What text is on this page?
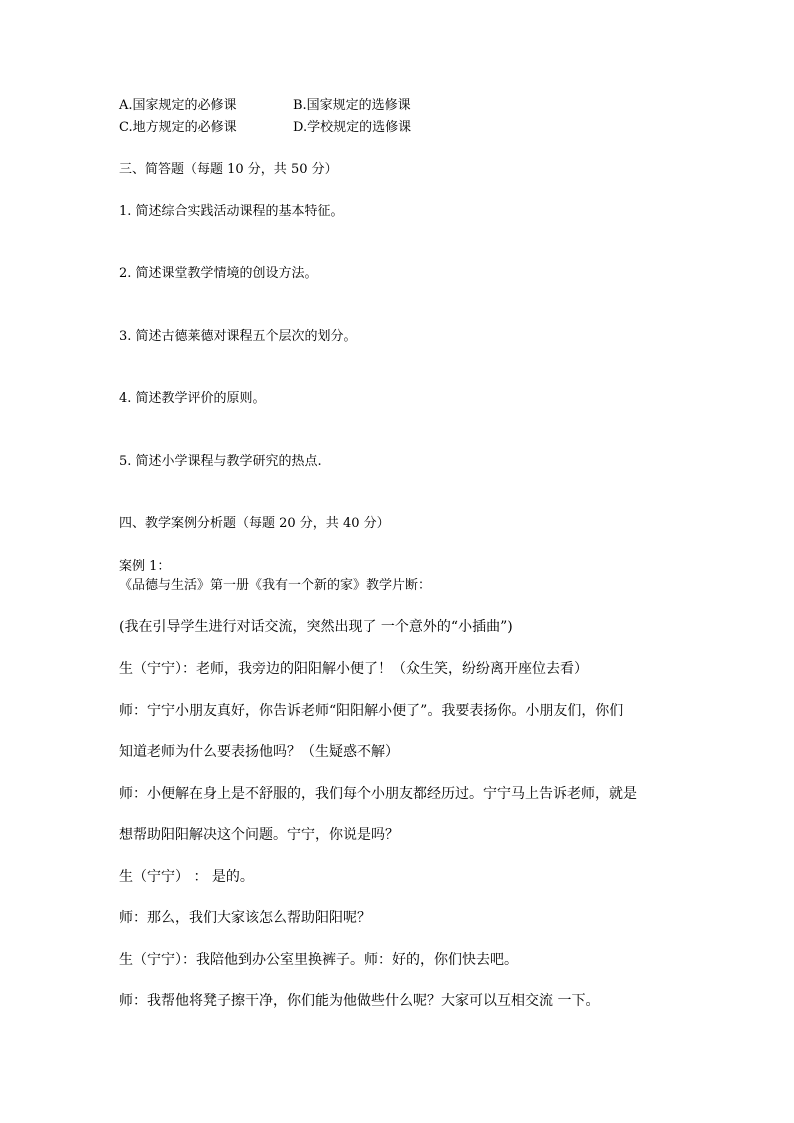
A.国家规定的必修课	B.国家规定的选修课
C.地方规定的必修课	D.学校规定的选修课
三、简答题（每题 10 分，共 50 分）
1. 简述综合实践活动课程的基本特征。
2. 简述课堂教学情境的创设方法。
3. 简述古德莱德对课程五个层次的划分。
4. 简述教学评价的原则。
5. 简述小学课程与教学研究的热点.
四、教学案例分析题（每题 20 分，共 40 分）
案例 1：
《品德与生活》第一册《我有一个新的家》教学片断：
(我在引导学生进行对话交流，突然出现了 一个意外的“小插曲”)
生（宁宁）：老师，我旁边的阳阳解小便了！（众生笑，纷纷离开座位去看）
师：宁宁小朋友真好，你告诉老师“阳阳解小便了”。我要表扬你。小朋友们，你们
知道老师为什么要表扬他吗？（生疑惑不解）
师：小便解在身上是不舒服的，我们每个小朋友都经历过。宁宁马上告诉老师，就是
想帮助阳阳解决这个问题。宁宁，你说是吗？
生（宁宁） ： 是的。
师：那么，我们大家该怎么帮助阳阳呢？
生（宁宁）：我陪他到办公室里换裤子。师：好的，你们快去吧。
师：我帮他将凳子擦干净，你们能为他做些什么呢？大家可以互相交流 一下。
